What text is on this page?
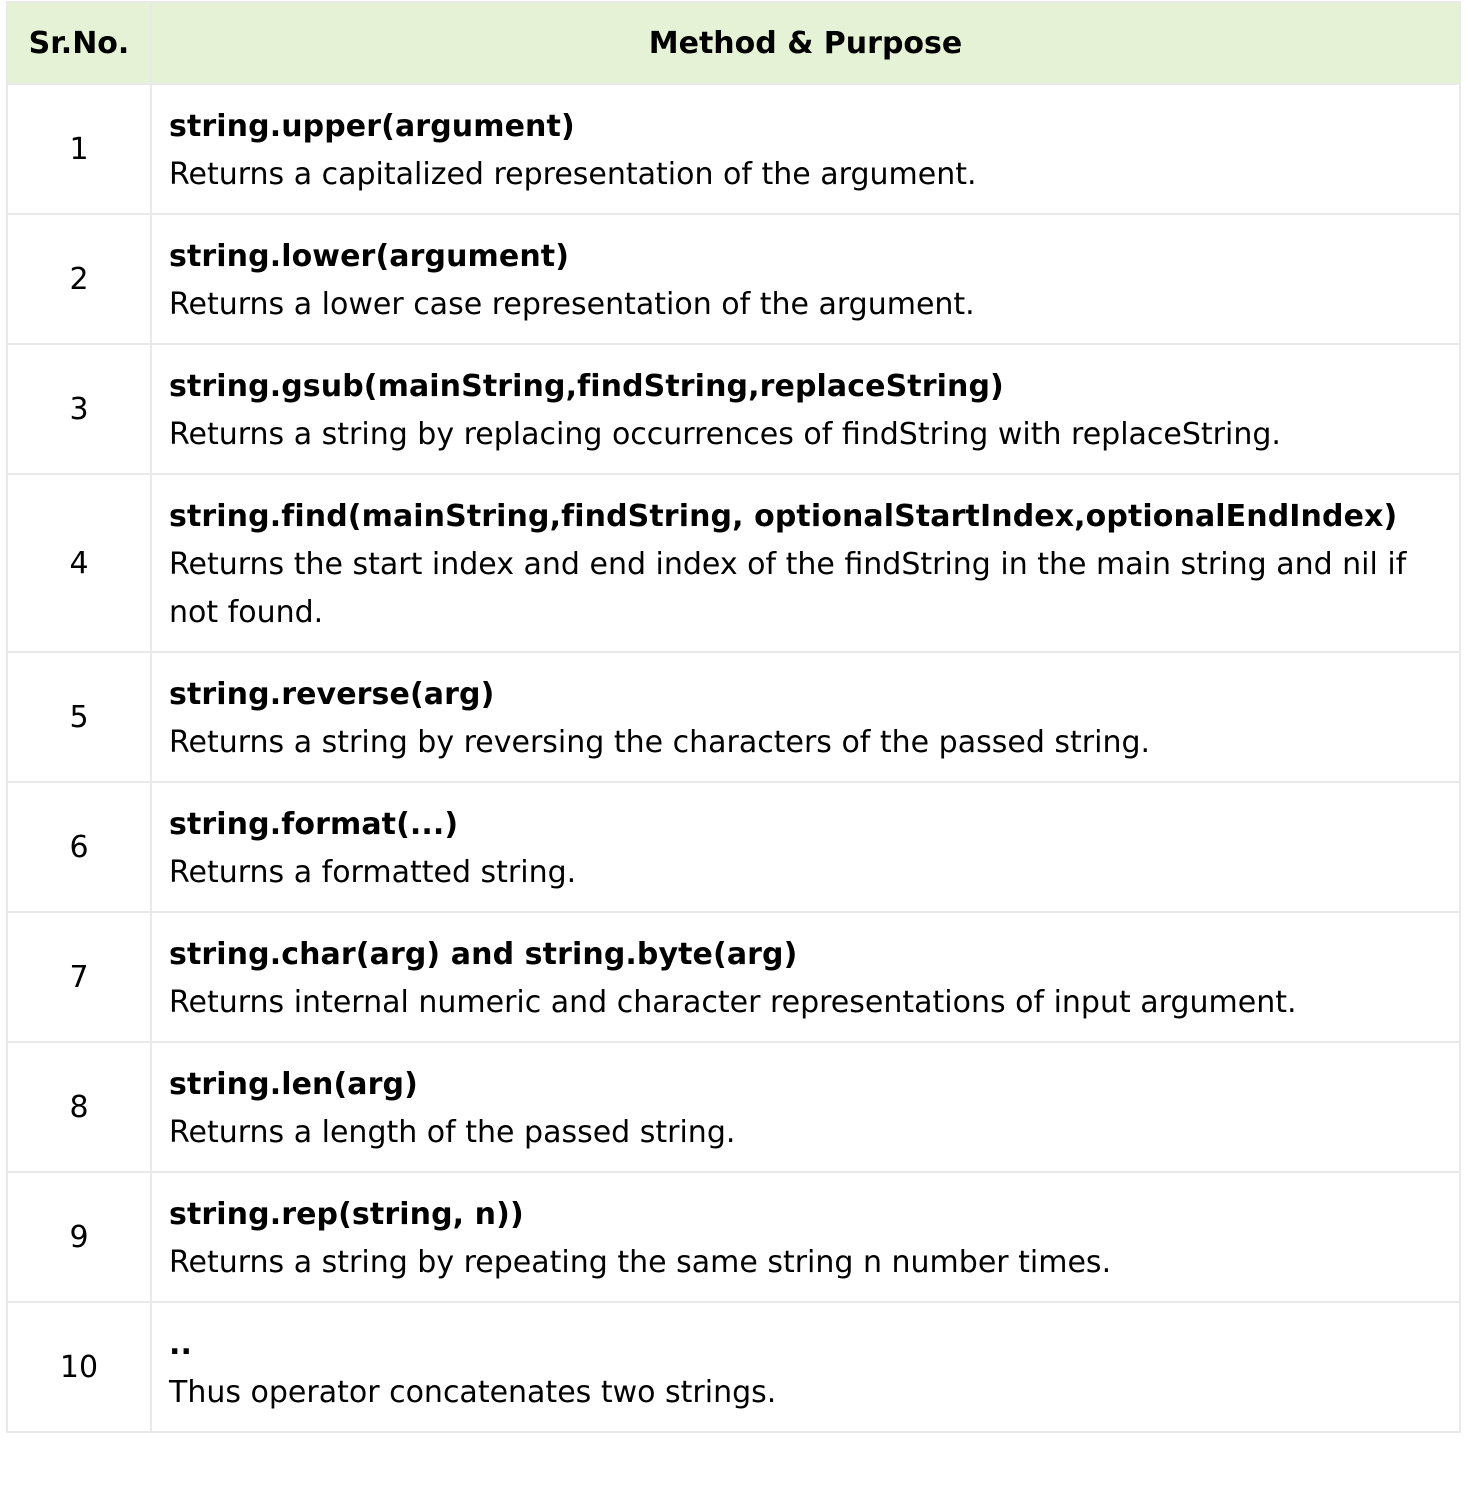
Sr.No.	Method & Purpose
1	string.upper(argument)
Returns a capitalized representation of the argument.

2	string.lower(argument)
Returns a lower case representation of the argument.

3	string.gsub(mainString,findString,replaceString)
Returns a string by replacing occurrences of findString with replaceString.

4	string.find(mainString,findString, optionalStartIndex,optionalEndIndex)
Returns the start index and end index of the findString in the main string and nil if not found.

5	string.reverse(arg)
Returns a string by reversing the characters of the passed string.

6	string.format(...)
Returns a formatted string.

7	string.char(arg) and string.byte(arg)
Returns internal numeric and character representations of input argument.

8	string.len(arg)
Returns a length of the passed string.

9	string.rep(string, n))
Returns a string by repeating the same string n number times.

10	..
Thus operator concatenates two strings.
